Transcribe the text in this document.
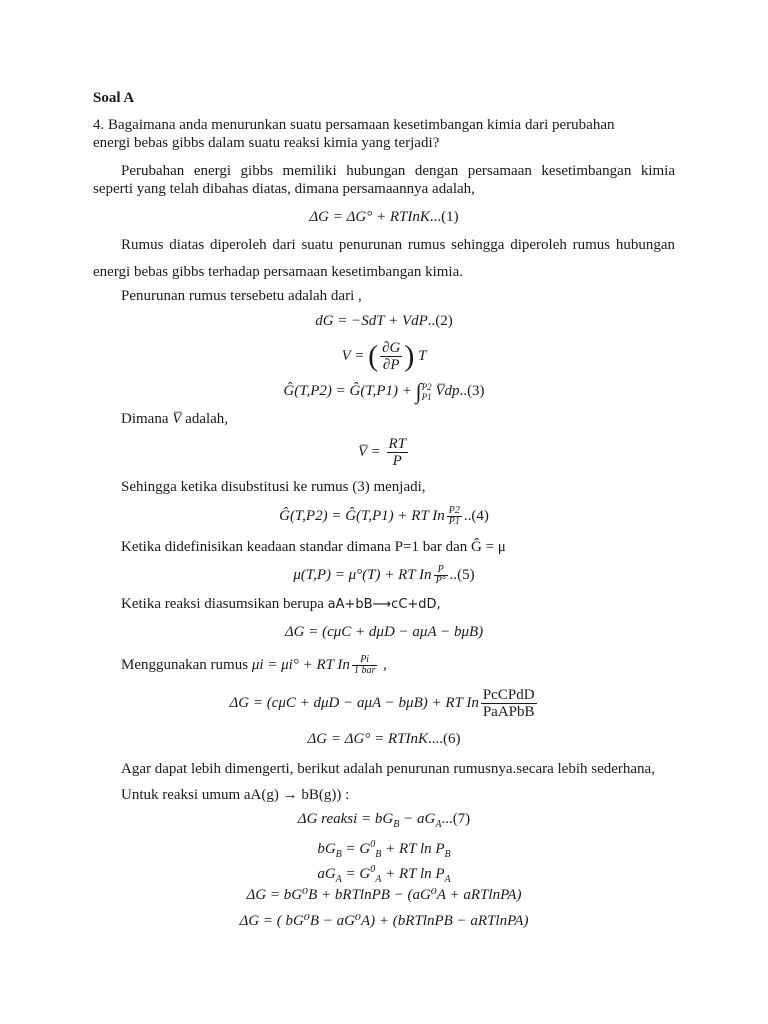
Soal A
4. Bagaimana anda menurunkan suatu persamaan kesetimbangan kimia dari perubahan
energi bebas gibbs dalam suatu reaksi kimia yang terjadi?
Perubahan energi gibbs memiliki hubungan dengan persamaan kesetimbangan kimia
seperti yang telah dibahas diatas, dimana persamaannya adalah,
ΔG = ΔG° + RTInK...(1)
Rumus diatas diperoleh dari suatu penurunan rumus sehingga diperoleh rumus hubungan
energi bebas gibbs terhadap persamaan kesetimbangan kimia.
Penurunan rumus tersebetu adalah dari ,
dG = −SdT + VdP..(2)
V = ( $\frac{\partial G}{\partial P}$ ) T
Ĝ(T,P2) = Ĝ(T,P1) + ∫ P2
P1 V̅dp..(3)
Dimana V̅ adalah,
V̅ = $\frac{RT}{P}$
Sehingga ketika disubstitusi ke rumus (3) menjadi,
Ĝ(T,P2) = Ĝ(T,P1) + RT In $\frac{P2}{P1} ..(4)$
Ketika didefinisikan keadaan standar dimana P=1 bar dan Ĝ = μ
μ(T,P) = μ°(T) + RT In $\frac{P}{P^\circ} ..(5)$
Ketika reaksi diasumsikan berupa aA+bB⟶cC+dD,
ΔG = (cμC + dμD − aμA − bμB)
Menggunakan rumus μi = μi° + RT In $\frac{Pi}{\text{1 bar}}$ ,
ΔG = (cμC + dμD − aμA − bμB) + RT In $\frac{\text{PcCPdD}}{\text{PaAPbB}}$
ΔG = ΔG° = RTInK....(6)
Agar dapat lebih dimengerti, berikut adalah penurunan rumusnya.secara lebih sederhana,
Untuk reaksi umum aA(g) → bB(g)) :
ΔG reaksi = $bG_B - aG_A...(7)$
$bG_B = G^0_B$ + RT $\ln P_B$
$aG_A = G^0_A$ + RT $\ln P_A$
ΔG = bG⁰B + bRTlnPB − (aG⁰A + aRTlnPA)
ΔG = ( bG⁰B − aG⁰A) + (bRTlnPB − aRTlnPA)
